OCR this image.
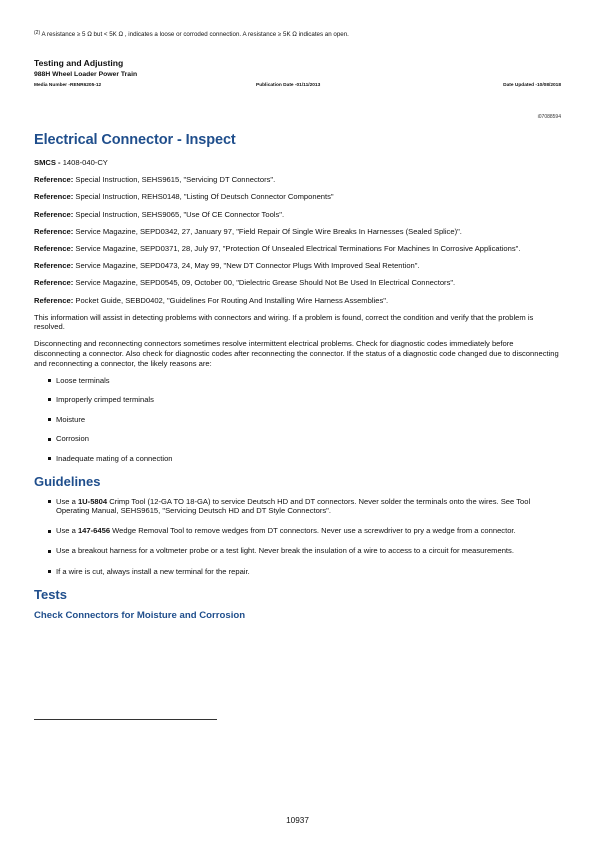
$^{(2)}$ A resistance ≥ 5 Ω but < 5K Ω , indicates a loose or corroded connection. A resistance ≥ 5K Ω indicates an open.
Testing and Adjusting
988H Wheel Loader Power Train
Media Number -RENR6205-12	Publication Date -01/11/2013	Date Updated -10/08/2018
i07088594
Electrical Connector - Inspect

SMCS - 1408-040-CY

Reference: Special Instruction, SEHS9615, "Servicing DT Connectors".

Reference: Special Instruction, REHS0148, "Listing Of Deutsch Connector Components"

Reference: Special Instruction, SEHS9065, "Use Of CE Connector Tools".

Reference: Service Magazine, SEPD0342, 27, January 97, "Field Repair Of Single Wire Breaks In Harnesses (Sealed Splice)".

Reference: Service Magazine, SEPD0371, 28, July 97, "Protection Of Unsealed Electrical Terminations For Machines In Corrosive Applications".

Reference: Service Magazine, SEPD0473, 24, May 99, "New DT Connector Plugs With Improved Seal Retention".

Reference: Service Magazine, SEPD0545, 09, October 00, "Dielectric Grease Should Not Be Used In Electrical Connectors".

Reference: Pocket Guide, SEBD0402, "Guidelines For Routing And Installing Wire Harness Assemblies".

This information will assist in detecting problems with connectors and wiring. If a problem is found, correct the condition and verify that the problem is resolved.

Disconnecting and reconnecting connectors sometimes resolve intermittent electrical problems. Check for diagnostic codes immediately before disconnecting a connector. Also check for diagnostic codes after reconnecting the connector. If the status of a diagnostic code changed due to disconnecting and reconnecting a connector, the likely reasons are:

Loose terminals
Improperly crimped terminals
Moisture
Corrosion
Inadequate mating of a connection
Guidelines
Use a 1U-5804 Crimp Tool (12-GA TO 18-GA) to service Deutsch HD and DT connectors. Never solder the terminals onto the wires. See Tool Operating Manual, SEHS9615, "Servicing Deutsch HD and DT Style Connectors".
Use a 147-6456 Wedge Removal Tool to remove wedges from DT connectors. Never use a screwdriver to pry a wedge from a connector.
Use a breakout harness for a voltmeter probe or a test light. Never break the insulation of a wire to access to a circuit for measurements.
If a wire is cut, always install a new terminal for the repair.
Tests
Check Connectors for Moisture and Corrosion
10937
